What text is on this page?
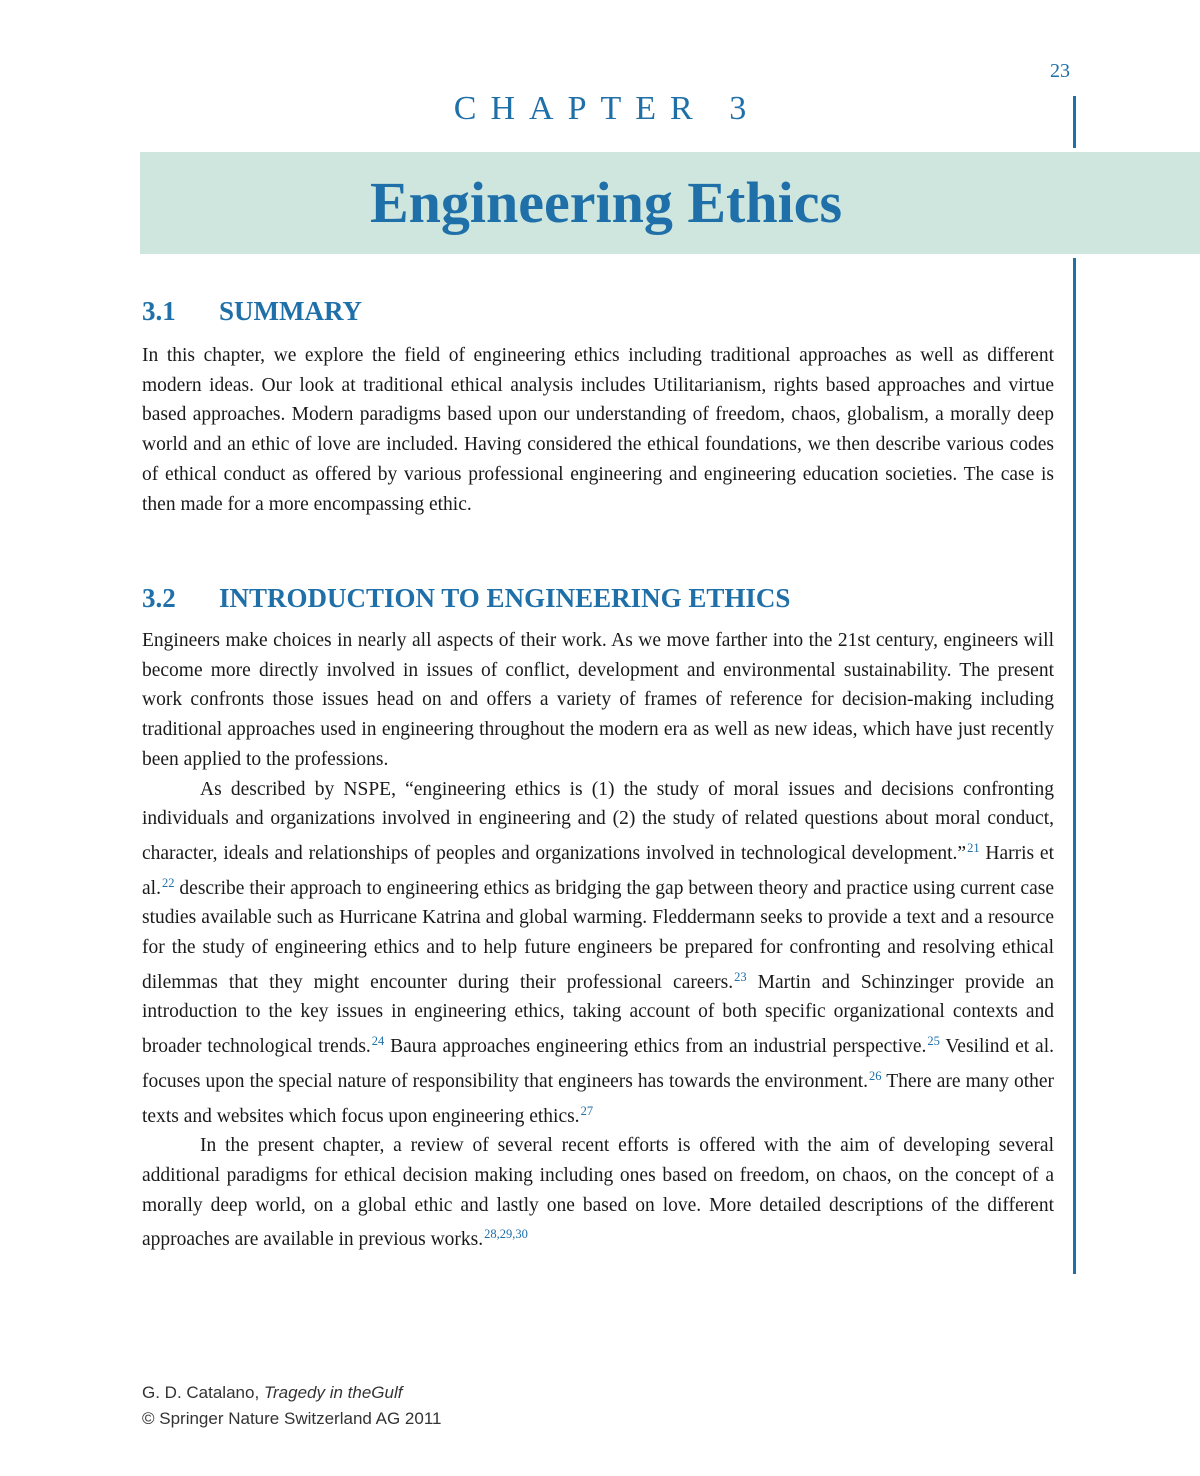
23
CHAPTER 3
Engineering Ethics
3.1 SUMMARY

In this chapter, we explore the field of engineering ethics including traditional approaches as well as different modern ideas. Our look at traditional ethical analysis includes Utilitarianism, rights based approaches and virtue based approaches. Modern paradigms based upon our understanding of freedom, chaos, globalism, a morally deep world and an ethic of love are included. Having considered the ethical foundations, we then describe various codes of ethical conduct as offered by various professional engineering and engineering education societies. The case is then made for a more encompassing ethic.

3.2 INTRODUCTION TO ENGINEERING ETHICS

Engineers make choices in nearly all aspects of their work. As we move farther into the 21st century, engineers will become more directly involved in issues of conflict, development and environmental sustainability. The present work confronts those issues head on and offers a variety of frames of reference for decision-making including traditional approaches used in engineering throughout the modern era as well as new ideas, which have just recently been applied to the professions.

As described by NSPE, “engineering ethics is (1) the study of moral issues and decisions confronting individuals and organizations involved in engineering and (2) the study of related questions about moral conduct, character, ideals and relationships of peoples and organizations involved in technological development.”$^{21}$ Harris et al.$^{22}$ describe their approach to engineering ethics as bridging the gap between theory and practice using current case studies available such as Hurricane Katrina and global warming. Fleddermann seeks to provide a text and a resource for the study of engineering ethics and to help future engineers be prepared for confronting and resolving ethical dilemmas that they might encounter during their professional careers.$^{23}$ Martin and Schinzinger provide an introduction to the key issues in engineering ethics, taking account of both specific organizational contexts and broader technological trends.$^{24}$ Baura approaches engineering ethics from an industrial perspective.$^{25}$ Vesilind et al. focuses upon the special nature of responsibility that engineers has towards the environment.$^{26}$ There are many other texts and websites which focus upon engineering ethics.$^{27}$

In the present chapter, a review of several recent efforts is offered with the aim of developing several additional paradigms for ethical decision making including ones based on freedom, on chaos, on the concept of a morally deep world, on a global ethic and lastly one based on love. More detailed descriptions of the different approaches are available in previous works.$^{28,29,30}$

G. D. Catalano, Tragedy in theGulf
© Springer Nature Switzerland AG 2011
